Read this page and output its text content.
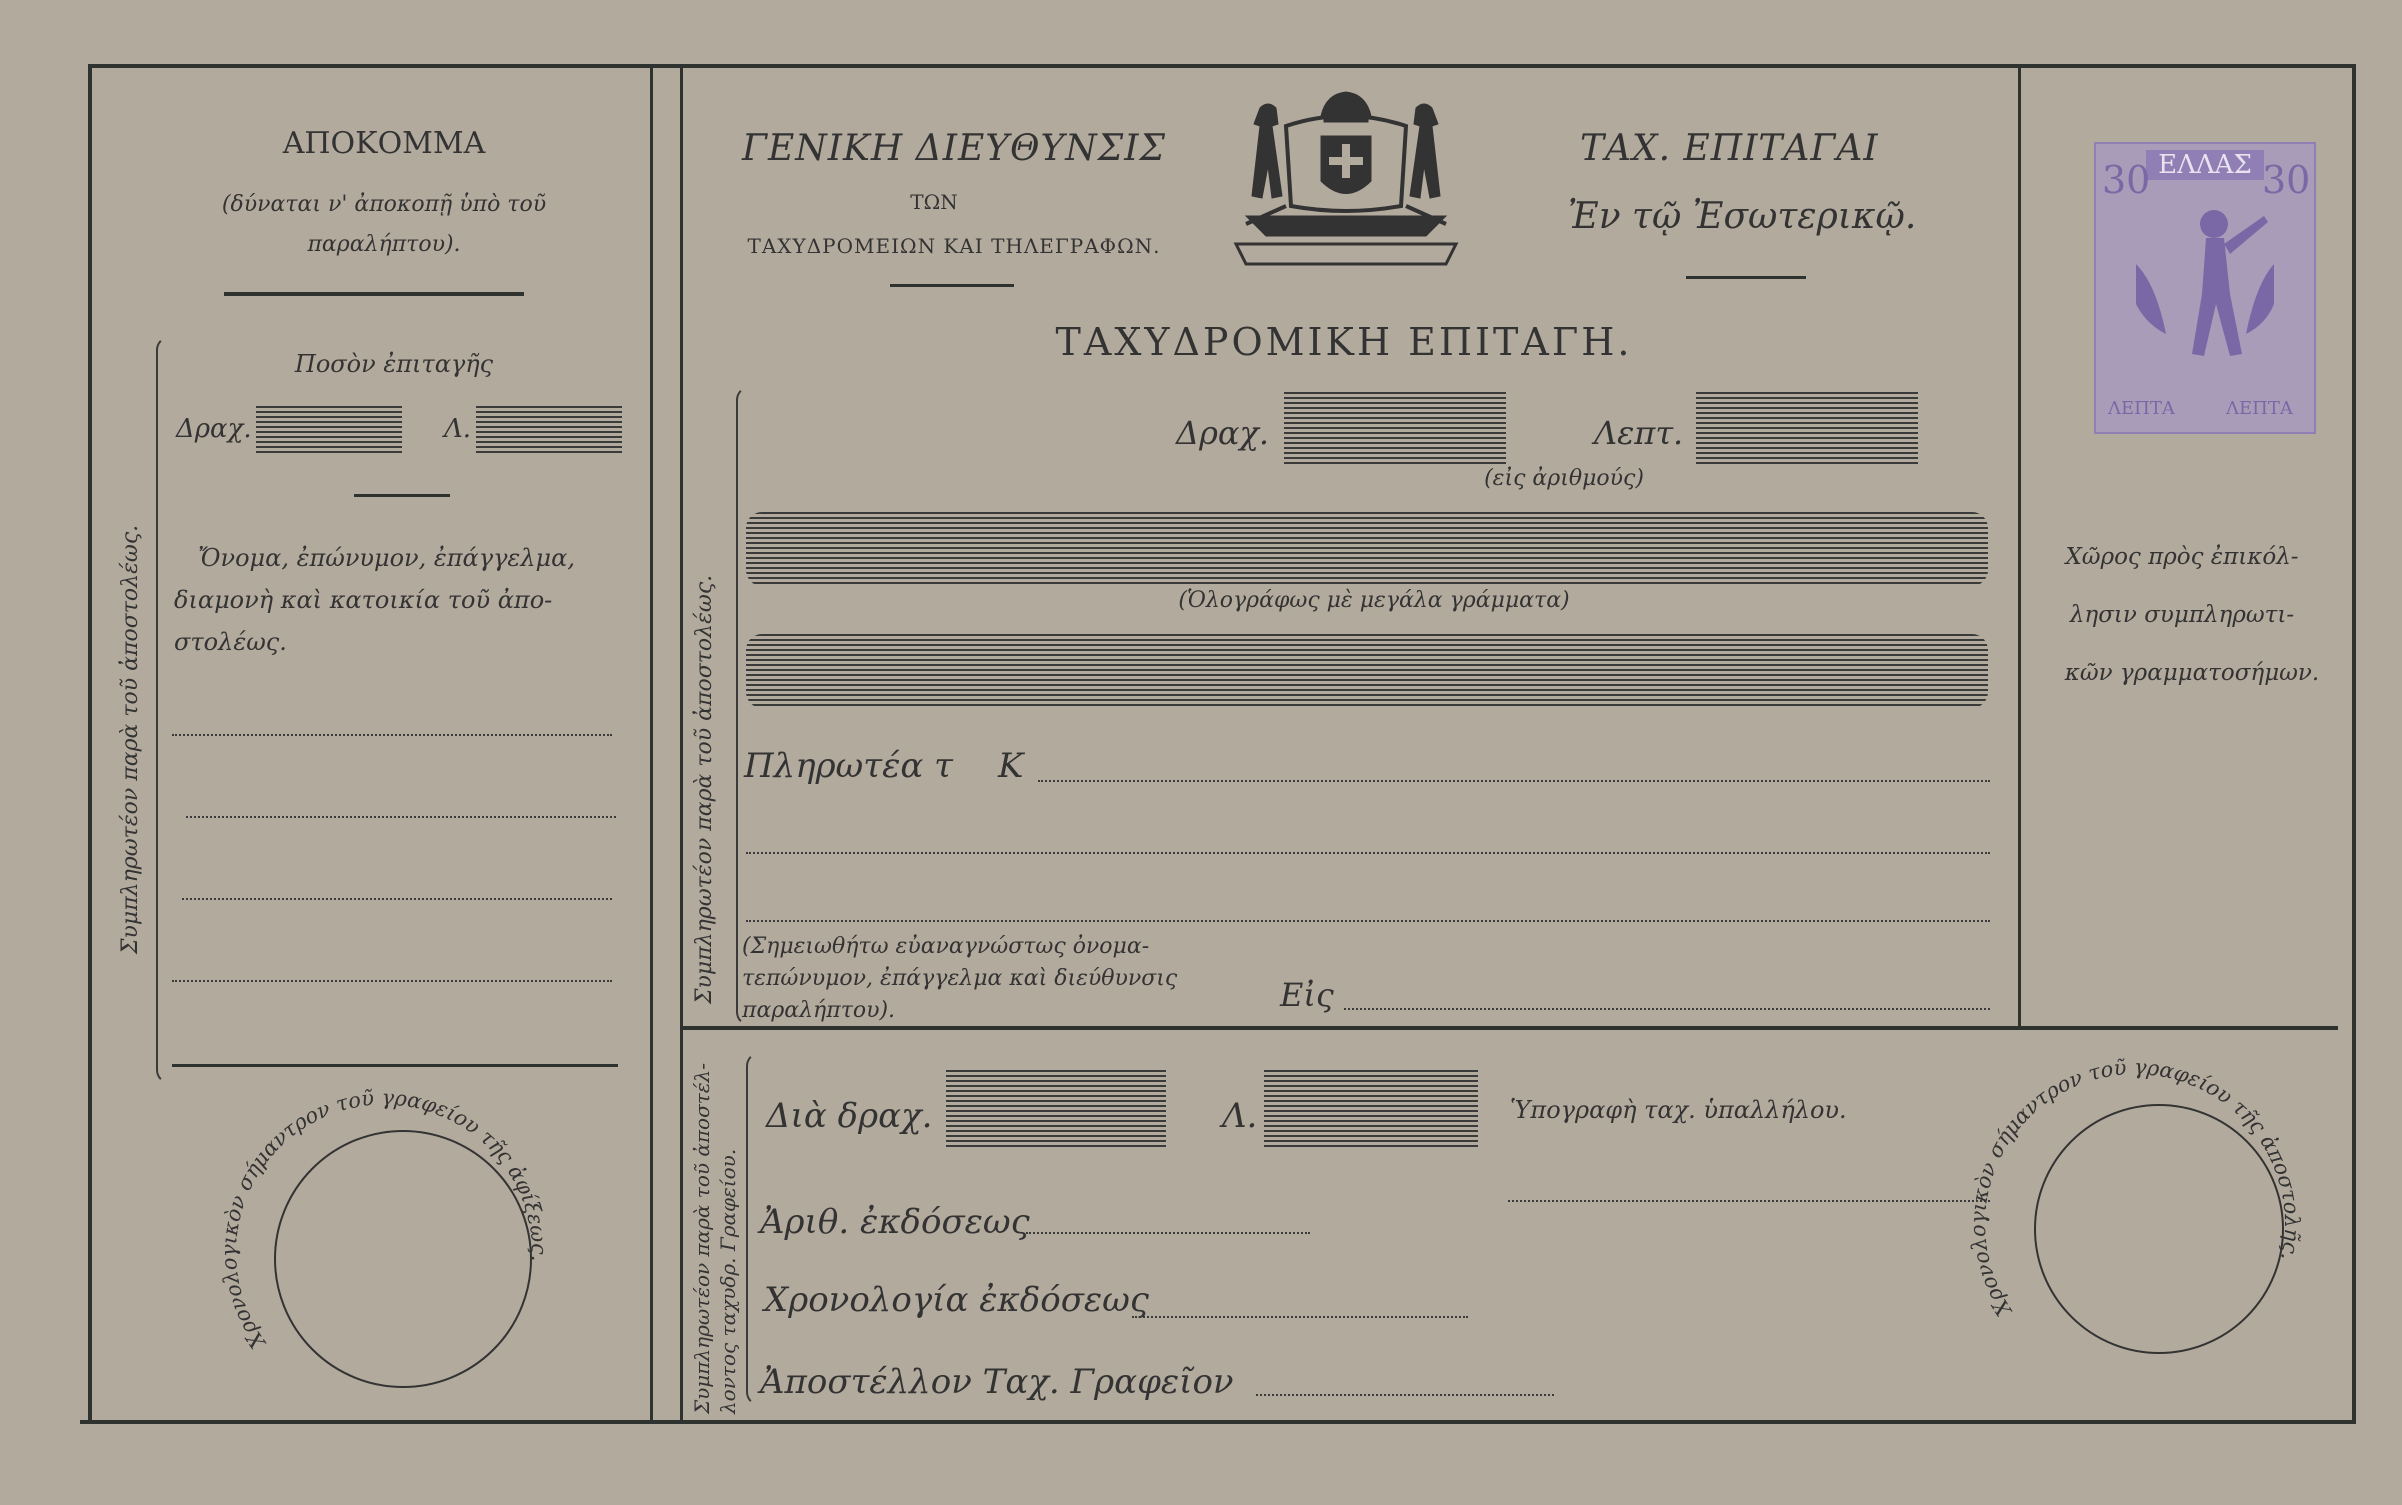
ΑΠΟΚΟΜΜΑ
(δύναται ν' ἀποκοπῇ ὑπὸ τοῦ
παραλήπτου).
Συμπληρωτέον παρὰ τοῦ ἀποστολέως.
Ποσὸν ἐπιταγῆς
Δραχ.	Λ.
Ὄνομα, ἐπώνυμον, ἐπάγγελμα,
διαμονὴ καὶ κατοικία τοῦ ἀπο-
στολέως.
Χρονολογικὸν σήμαντρον τοῦ γραφείου τῆς ἀφίξεως.
ΓΕΝΙΚΗ ΔΙΕΥΘΥΝΣΙΣ
ΤΩΝ
ΤΑΧΥΔΡΟΜΕΙΩΝ ΚΑΙ ΤΗΛΕΓΡΑΦΩΝ.
ΤΑΧ. ΕΠΙΤΑΓΑΙ
Ἐν τῷ Ἐσωτερικῷ.
ΤΑΧΥΔΡΟΜΙΚΗ ΕΠΙΤΑΓΗ.
Συμπληρωτέον παρὰ τοῦ ἀποστολέως.
Δραχ.	Λεπτ.
(εἰς ἀριθμούς)
(Ὁλογράφως μὲ μεγάλα γράμματα)
Πληρωτέα τ Κ
(Σημειωθήτω εὐαναγνώστως ὀνομα-
τεπώνυμον, ἐπάγγελμα καὶ διεύθυνσις
παραλήπτου).	Εἰς
ΕΛΛΑΣ
30	30
ΛΕΠΤΑ	ΛΕΠΤΑ
Χῶρος πρὸς ἐπικόλ-
λησιν συμπληρωτι-
κῶν γραμματοσήμων.
Συμπληρωτέον παρὰ τοῦ ἀποστέλ- λοντος ταχυδρ. Γραφείου.
Διὰ δραχ.	Λ.	Ὑπογραφὴ ταχ. ὑπαλλήλου.
Ἀριθ. ἐκδόσεως
Χρονολογία ἐκδόσεως
Ἀποστέλλον Ταχ. Γραφεῖον
Χρονολογικὸν σήμαντρον τοῦ γραφείου τῆς ἀποστολῆς.
